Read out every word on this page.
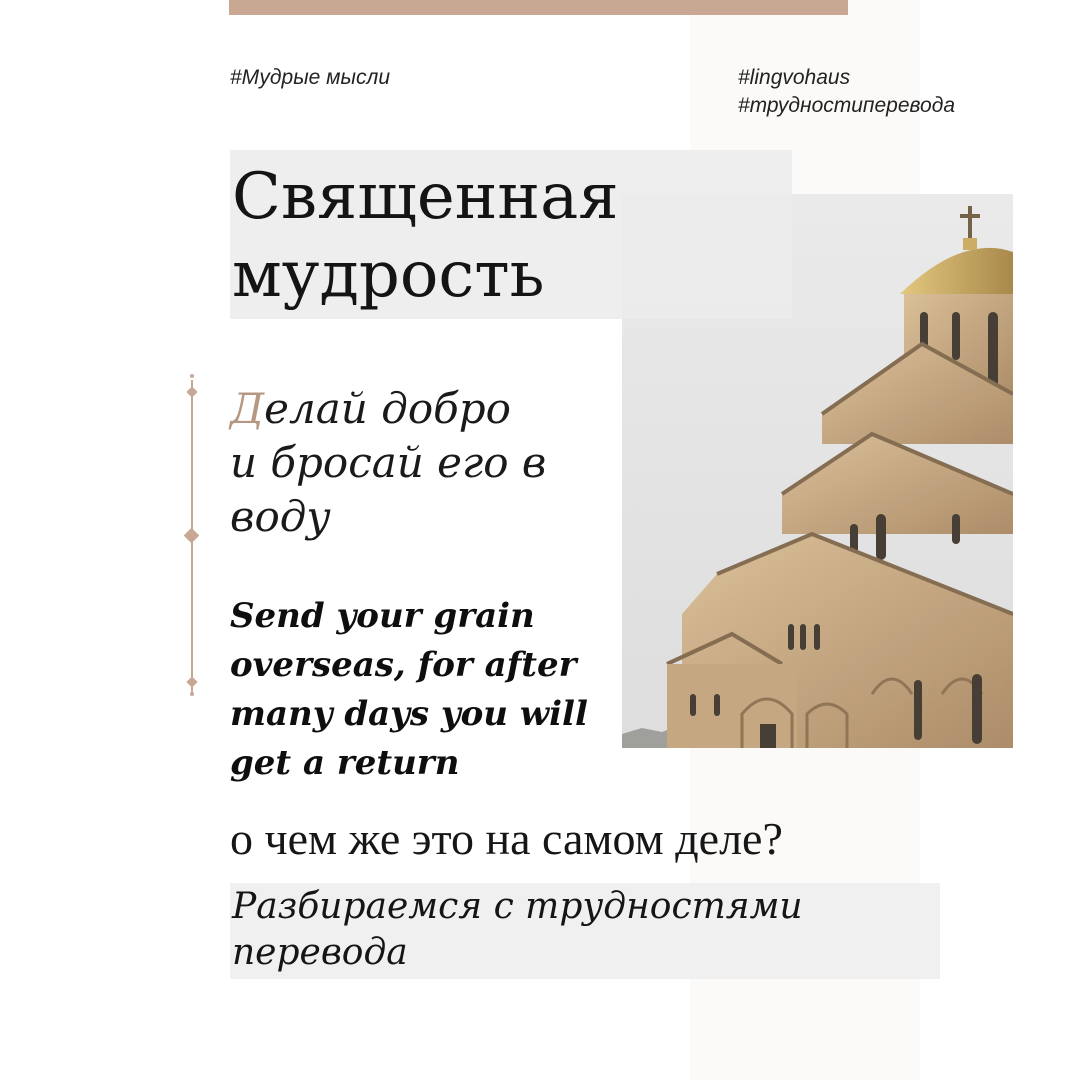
#Мудрые мысли	#lingvohaus
#трудностиперевода
Священная
мудрость
Делай добро
и бросай его в
воду
Send your grain
overseas, for after
many days you will
get a return
о чем же это на самом деле?
Разбираемся с трудностями
перевода
